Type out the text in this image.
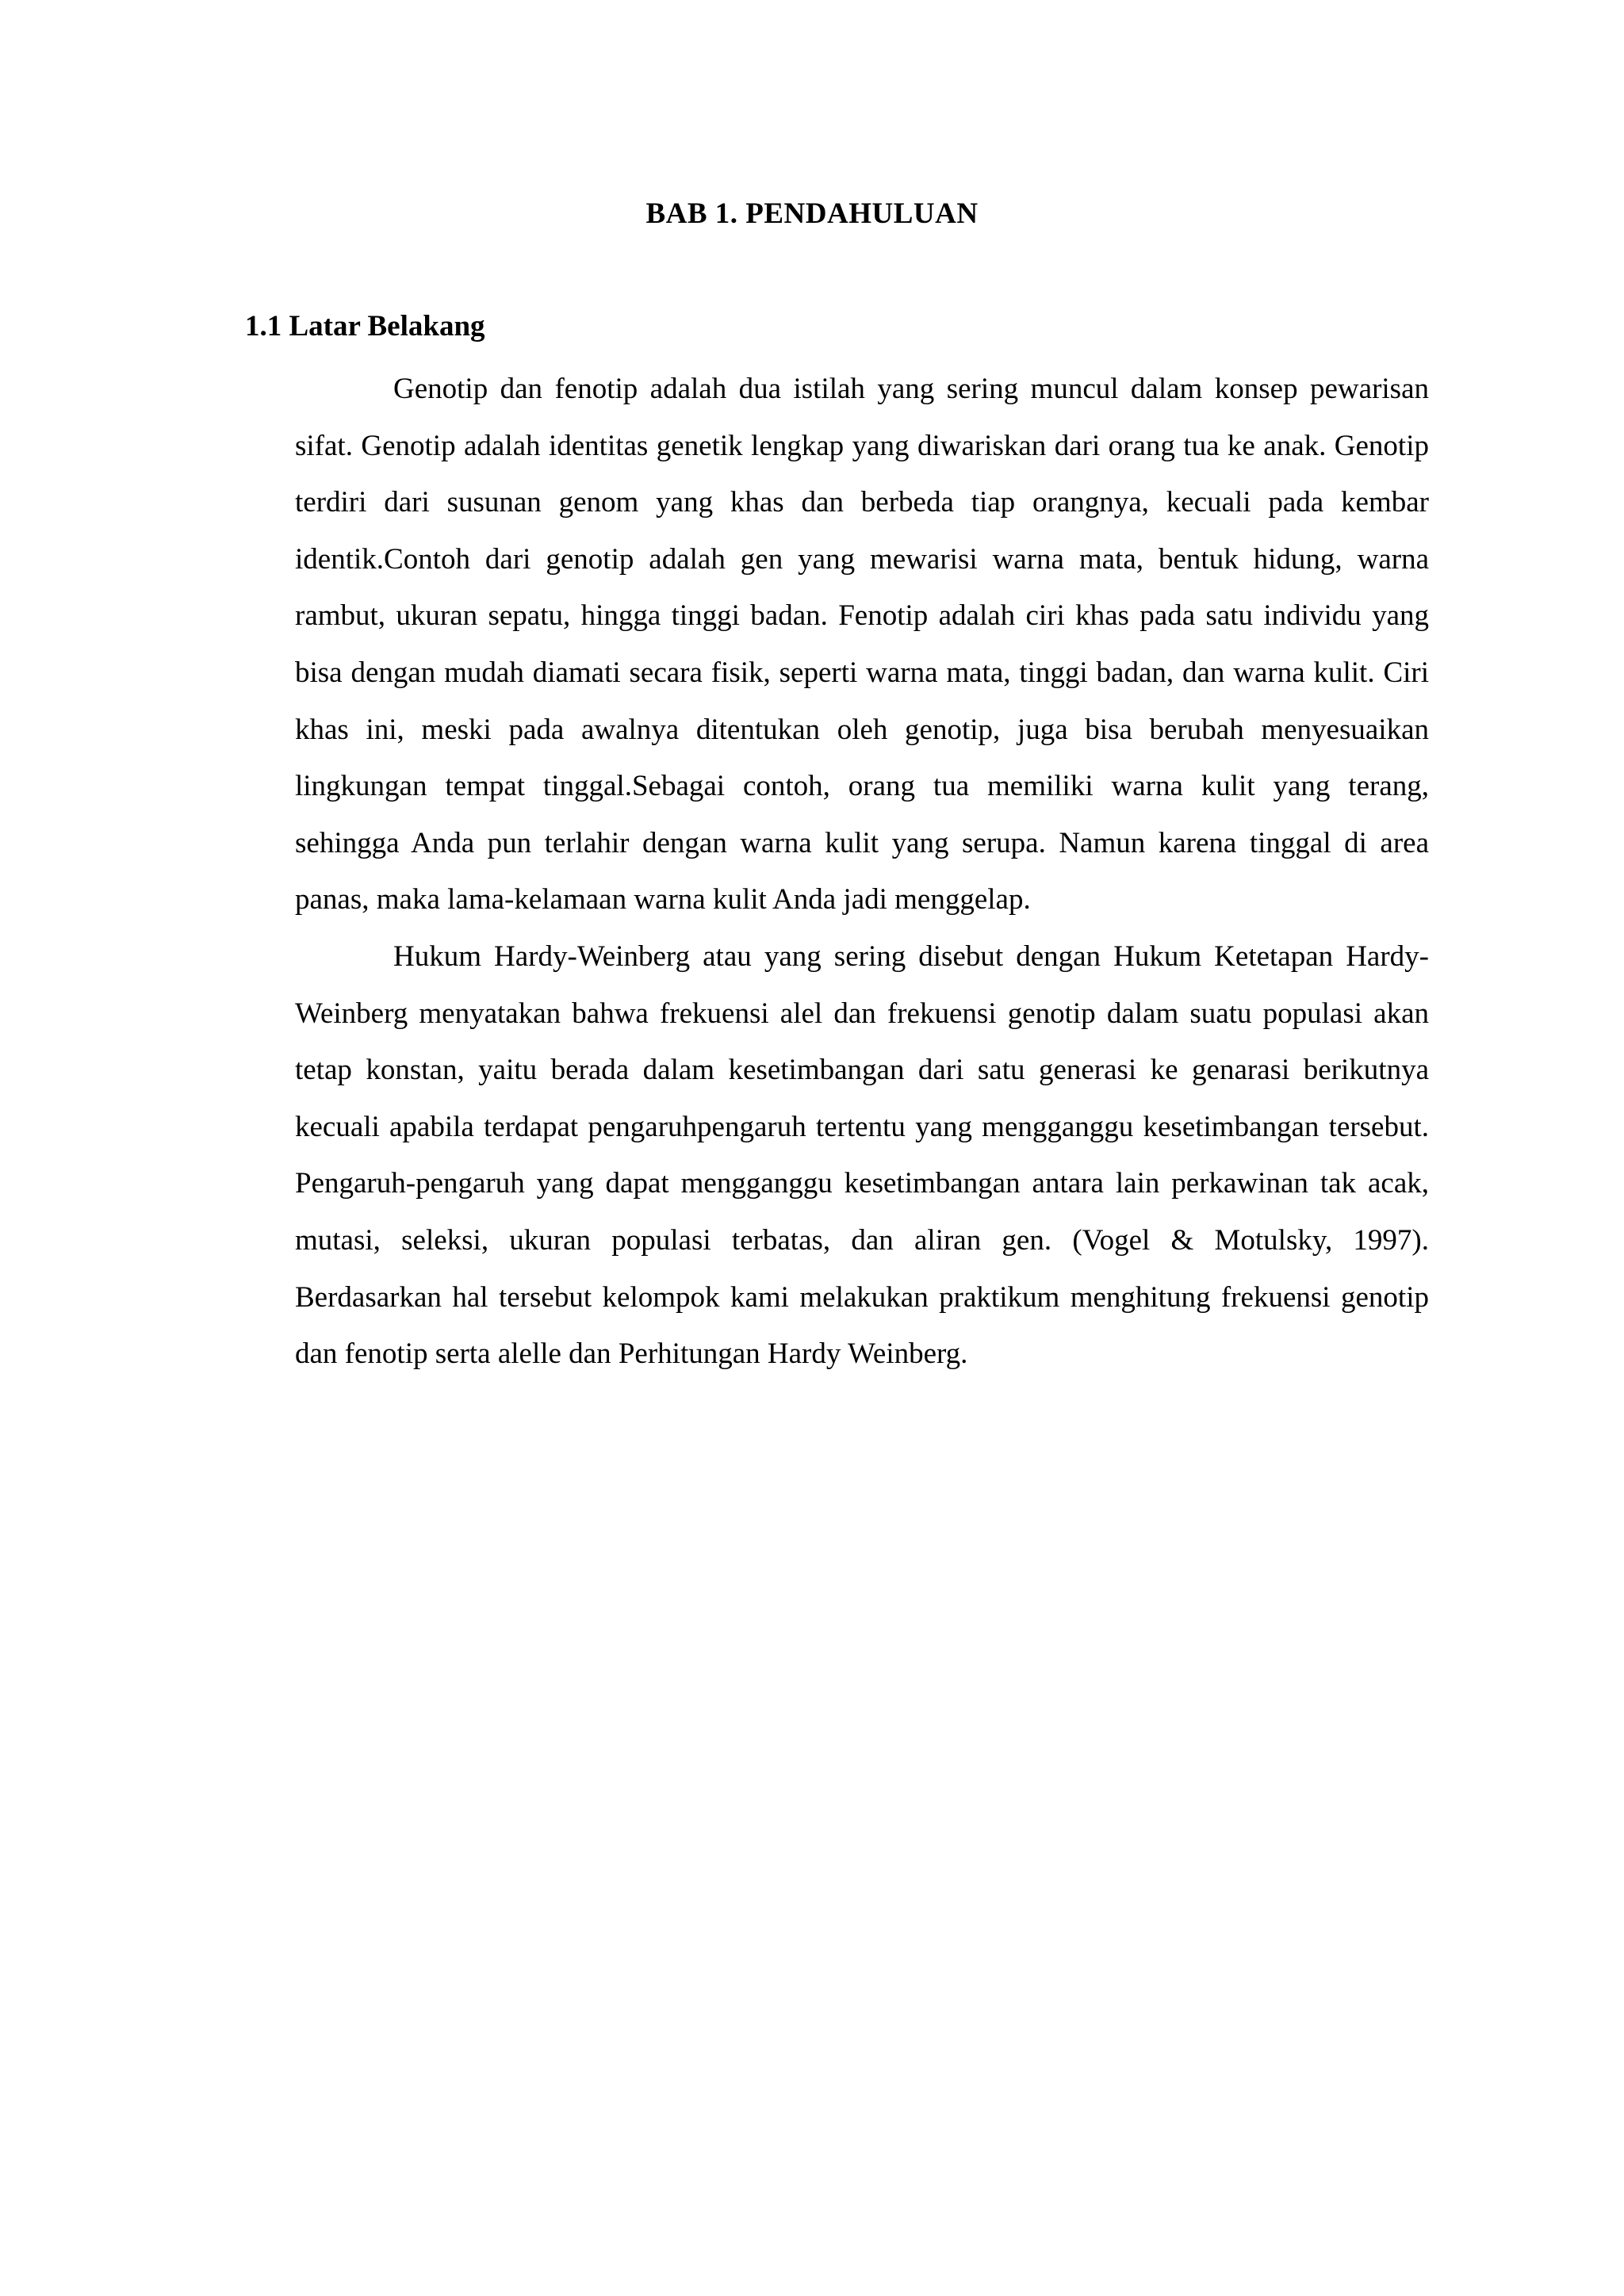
BAB 1. PENDAHULUAN
1.1 Latar Belakang

Genotip dan fenotip adalah dua istilah yang sering muncul dalam konsep pewarisan sifat. Genotip adalah identitas genetik lengkap yang diwariskan dari orang tua ke anak. Genotip terdiri dari susunan genom yang khas dan berbeda tiap orangnya, kecuali pada kembar identik.Contoh dari genotip adalah gen yang mewarisi warna mata, bentuk hidung, warna rambut, ukuran sepatu, hingga tinggi badan. Fenotip adalah ciri khas pada satu individu yang bisa dengan mudah diamati secara fisik, seperti warna mata, tinggi badan, dan warna kulit. Ciri khas ini, meski pada awalnya ditentukan oleh genotip, juga bisa berubah menyesuaikan lingkungan tempat tinggal.Sebagai contoh, orang tua memiliki warna kulit yang terang, sehingga Anda pun terlahir dengan warna kulit yang serupa. Namun karena tinggal di area panas, maka lama-kelamaan warna kulit Anda jadi menggelap.

Hukum Hardy-Weinberg atau yang sering disebut dengan Hukum Ketetapan Hardy-Weinberg menyatakan bahwa frekuensi alel dan frekuensi genotip dalam suatu populasi akan tetap konstan, yaitu berada dalam kesetimbangan dari satu generasi ke genarasi berikutnya kecuali apabila terdapat pengaruhpengaruh tertentu yang mengganggu kesetimbangan tersebut. Pengaruh-pengaruh yang dapat mengganggu kesetimbangan antara lain perkawinan tak acak, mutasi, seleksi, ukuran populasi terbatas, dan aliran gen. (Vogel & Motulsky, 1997). Berdasarkan hal tersebut kelompok kami melakukan praktikum menghitung frekuensi genotip dan fenotip serta alelle dan Perhitungan Hardy Weinberg.
